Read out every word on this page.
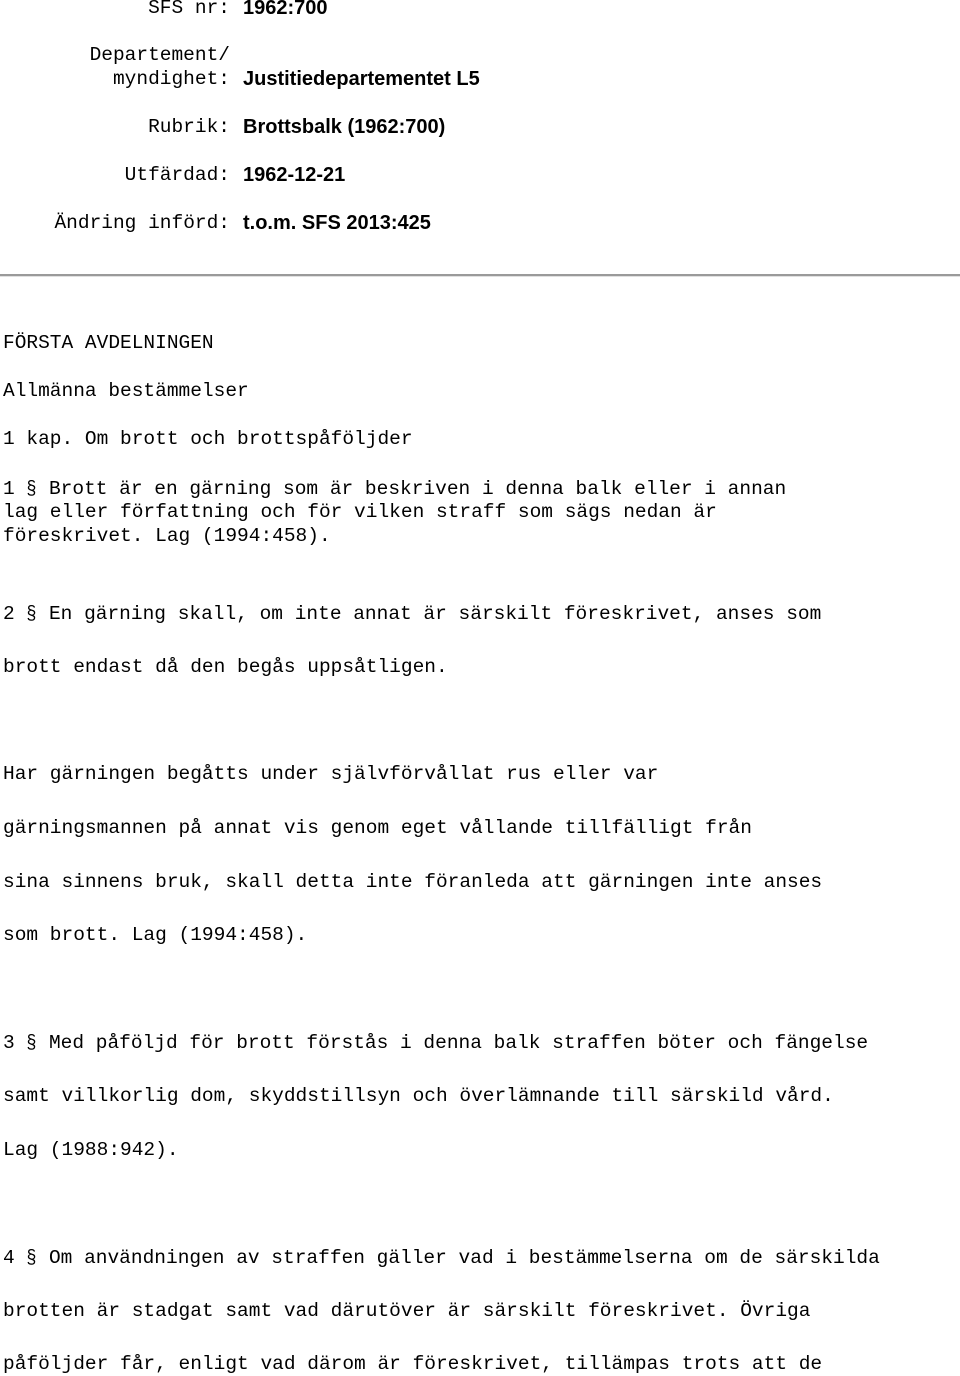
SFS nr: 1962:700
Departement/
myndighet: Justitiedepartementet L5
Rubrik: Brottsbalk (1962:700)
Utfärdad: 1962-12-21
Ändring införd: t.o.m. SFS 2013:425
FÖRSTA AVDELNINGEN
Allmänna bestämmelser
1 kap. Om brott och brottspåföljder
1 § Brott är en gärning som är beskriven i denna balk eller i annan
lag eller författning och för vilken straff som sägs nedan är
föreskrivet. Lag (1994:458).
2 § En gärning skall, om inte annat är särskilt föreskrivet, anses som
brott endast då den begås uppsåtligen.
Har gärningen begåtts under självförvållat rus eller var
gärningsmannen på annat vis genom eget vållande tillfälligt från
sina sinnens bruk, skall detta inte föranleda att gärningen inte anses
som brott. Lag (1994:458).
3 § Med påföljd för brott förstås i denna balk straffen böter och fängelse
samt villkorlig dom, skyddstillsyn och överlämnande till särskild vård.
Lag (1988:942).
4 § Om användningen av straffen gäller vad i bestämmelserna om de särskilda
brotten är stadgat samt vad därutöver är särskilt föreskrivet. Övriga
påföljder får, enligt vad därom är föreskrivet, tillämpas trots att de
